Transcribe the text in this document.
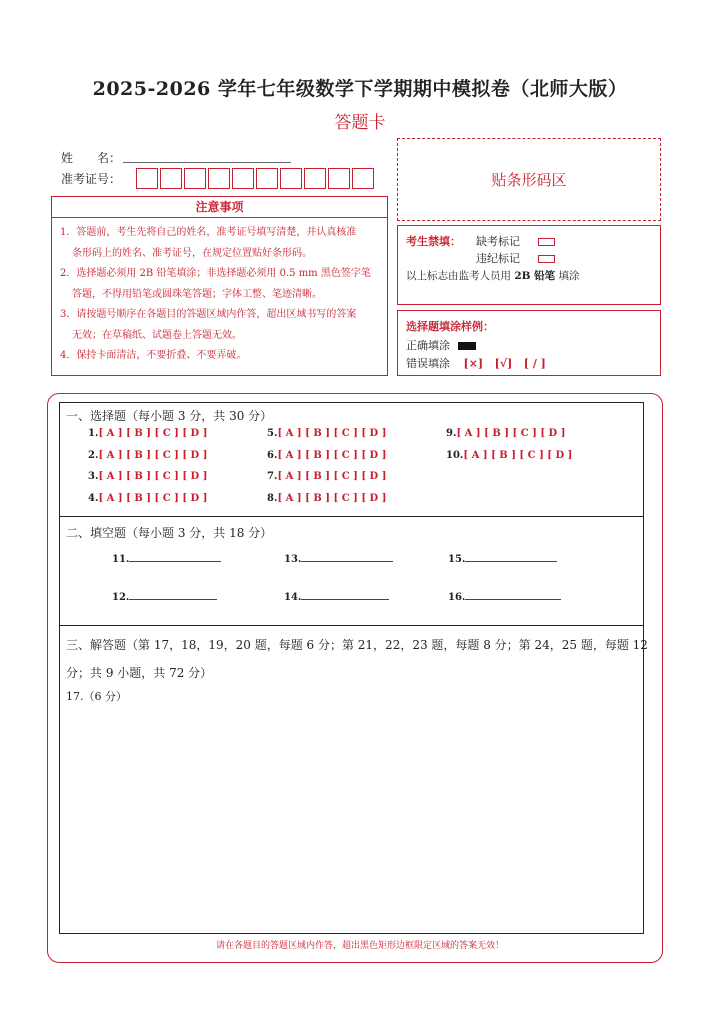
2025-2026 学年七年级数学下学期期中模拟卷（北师大版）
答题卡
姓　　名：
准考证号：	贴条形码区
注意事项

1．答题前，考生先将自己的姓名，准考证号填写清楚，并认真核准

条形码上的姓名、准考证号，在规定位置贴好条形码。

2．选择题必须用 2B 铅笔填涂；非选择题必须用 0.5 mm 黑色签字笔

答题，不得用铅笔或圆珠笔答题；字体工整、笔迹清晰。

3．请按题号顺序在各题目的答题区域内作答，超出区域书写的答案

无效；在草稿纸、试题卷上答题无效。

4．保持卡面清洁，不要折叠、不要弄破。

考生禁填： 缺考标记
违纪标记
以上标志由监考人员用 2B 铅笔 填涂
选择题填涂样例：
正确填涂
错误填涂 [×] [√] [ / ]
一、选择题（每小题 3 分，共 30 分）
1.[ A ] [ B ] [ C ] [ D ]
2.[ A ] [ B ] [ C ] [ D ]
3.[ A ] [ B ] [ C ] [ D ]
4.[ A ] [ B ] [ C ] [ D ]
5.[ A ] [ B ] [ C ] [ D ]
6.[ A ] [ B ] [ C ] [ D ]
7.[ A ] [ B ] [ C ] [ D ]
8.[ A ] [ B ] [ C ] [ D ]
9.[ A ] [ B ] [ C ] [ D ]
10.[ A ] [ B ] [ C ] [ D ]
二、填空题（每小题 3 分，共 18 分）
11.	13.	15.
12.	14.	16.
三、解答题（第 17，18，19，20 题，每题 6 分；第 21，22，23 题，每题 8 分；第 24，25 题，每题 12
分；共 9 小题，共 72 分）
17.（6 分）
请在各题目的答题区域内作答，超出黑色矩形边框限定区域的答案无效！
